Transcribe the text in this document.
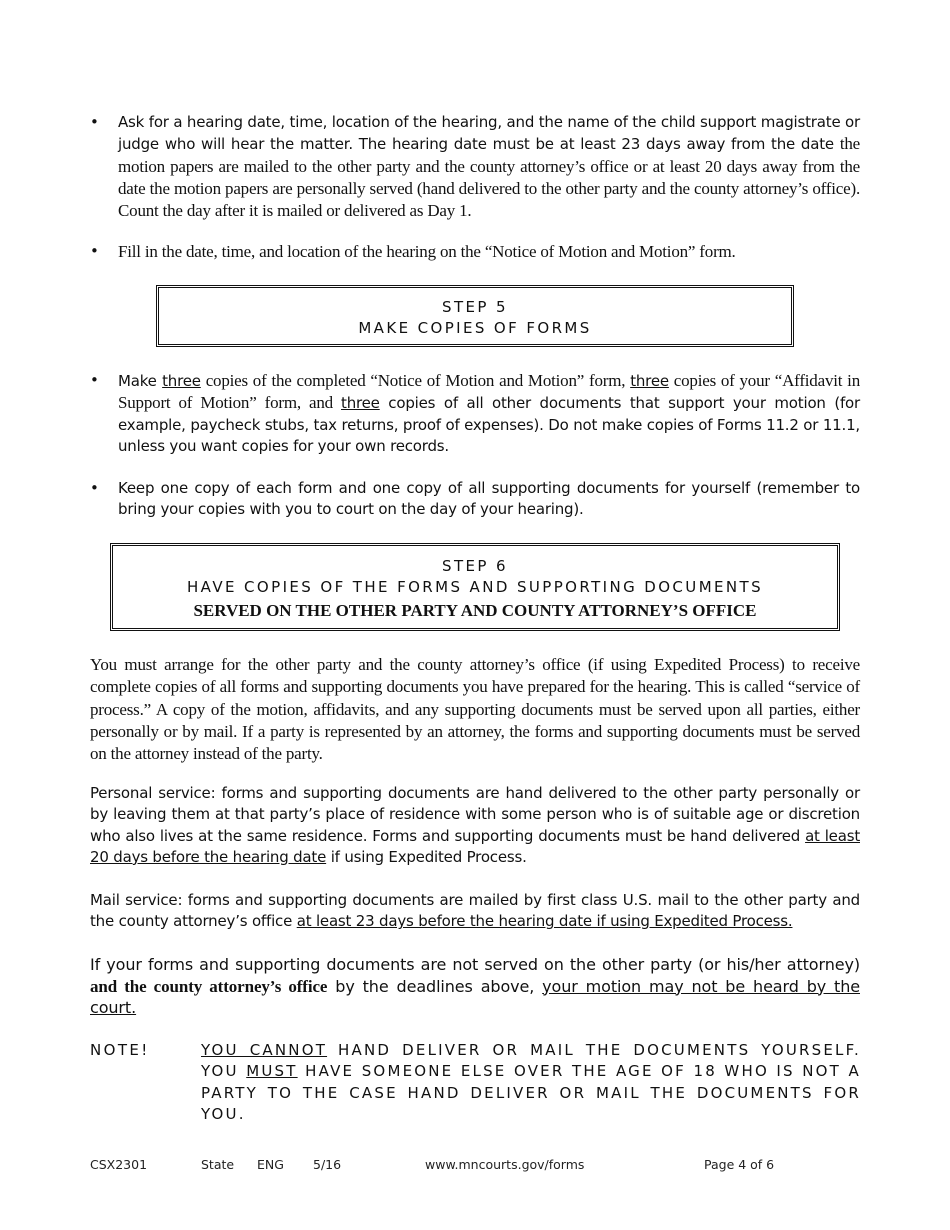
• Ask for a hearing date, time, location of the hearing, and the name of the child support magistrate or judge who will hear the matter. The hearing date must be at least 23 days away from the date the motion papers are mailed to the other party and the county attorney’s office or at least 20 days away from the date the motion papers are personally served (hand delivered to the other party and the county attorney’s office). Count the day after it is mailed or delivered as Day 1.
• Fill in the date, time, and location of the hearing on the “Notice of Motion and Motion” form.
STEP 5
MAKE COPIES OF FORMS
• Make three copies of the completed “Notice of Motion and Motion” form, three copies of your “Affidavit in Support of Motion” form, and three copies of all other documents that support your motion (for example, paycheck stubs, tax returns, proof of expenses). Do not make copies of Forms 11.2 or 11.1, unless you want copies for your own records.
• Keep one copy of each form and one copy of all supporting documents for yourself (remember to bring your copies with you to court on the day of your hearing).
STEP 6
HAVE COPIES OF THE FORMS AND SUPPORTING DOCUMENTS
SERVED ON THE OTHER PARTY AND COUNTY ATTORNEY’S OFFICE
You must arrange for the other party and the county attorney’s office (if using Expedited Process) to receive complete copies of all forms and supporting documents you have prepared for the hearing. This is called “service of process.” A copy of the motion, affidavits, and any supporting documents must be served upon all parties, either personally or by mail. If a party is represented by an attorney, the forms and supporting documents must be served on the attorney instead of the party.
Personal service: forms and supporting documents are hand delivered to the other party personally or by leaving them at that party’s place of residence with some person who is of suitable age or discretion who also lives at the same residence. Forms and supporting documents must be hand delivered at least 20 days before the hearing date if using Expedited Process.
Mail service: forms and supporting documents are mailed by first class U.S. mail to the other party and the county attorney’s office at least 23 days before the hearing date if using Expedited Process.
If your forms and supporting documents are not served on the other party (or his/her attorney) and the county attorney’s office by the deadlines above, your motion may not be heard by the court.
NOTE!	YOU CANNOT HAND DELIVER OR MAIL THE DOCUMENTS YOURSELF. YOU MUST HAVE SOMEONE ELSE OVER THE AGE OF 18 WHO IS NOT A PARTY TO THE CASE HAND DELIVER OR MAIL THE DOCUMENTS FOR YOU.
CSX2301	State ENG 5/16	www.mncourts.gov/forms	Page 4 of 6
